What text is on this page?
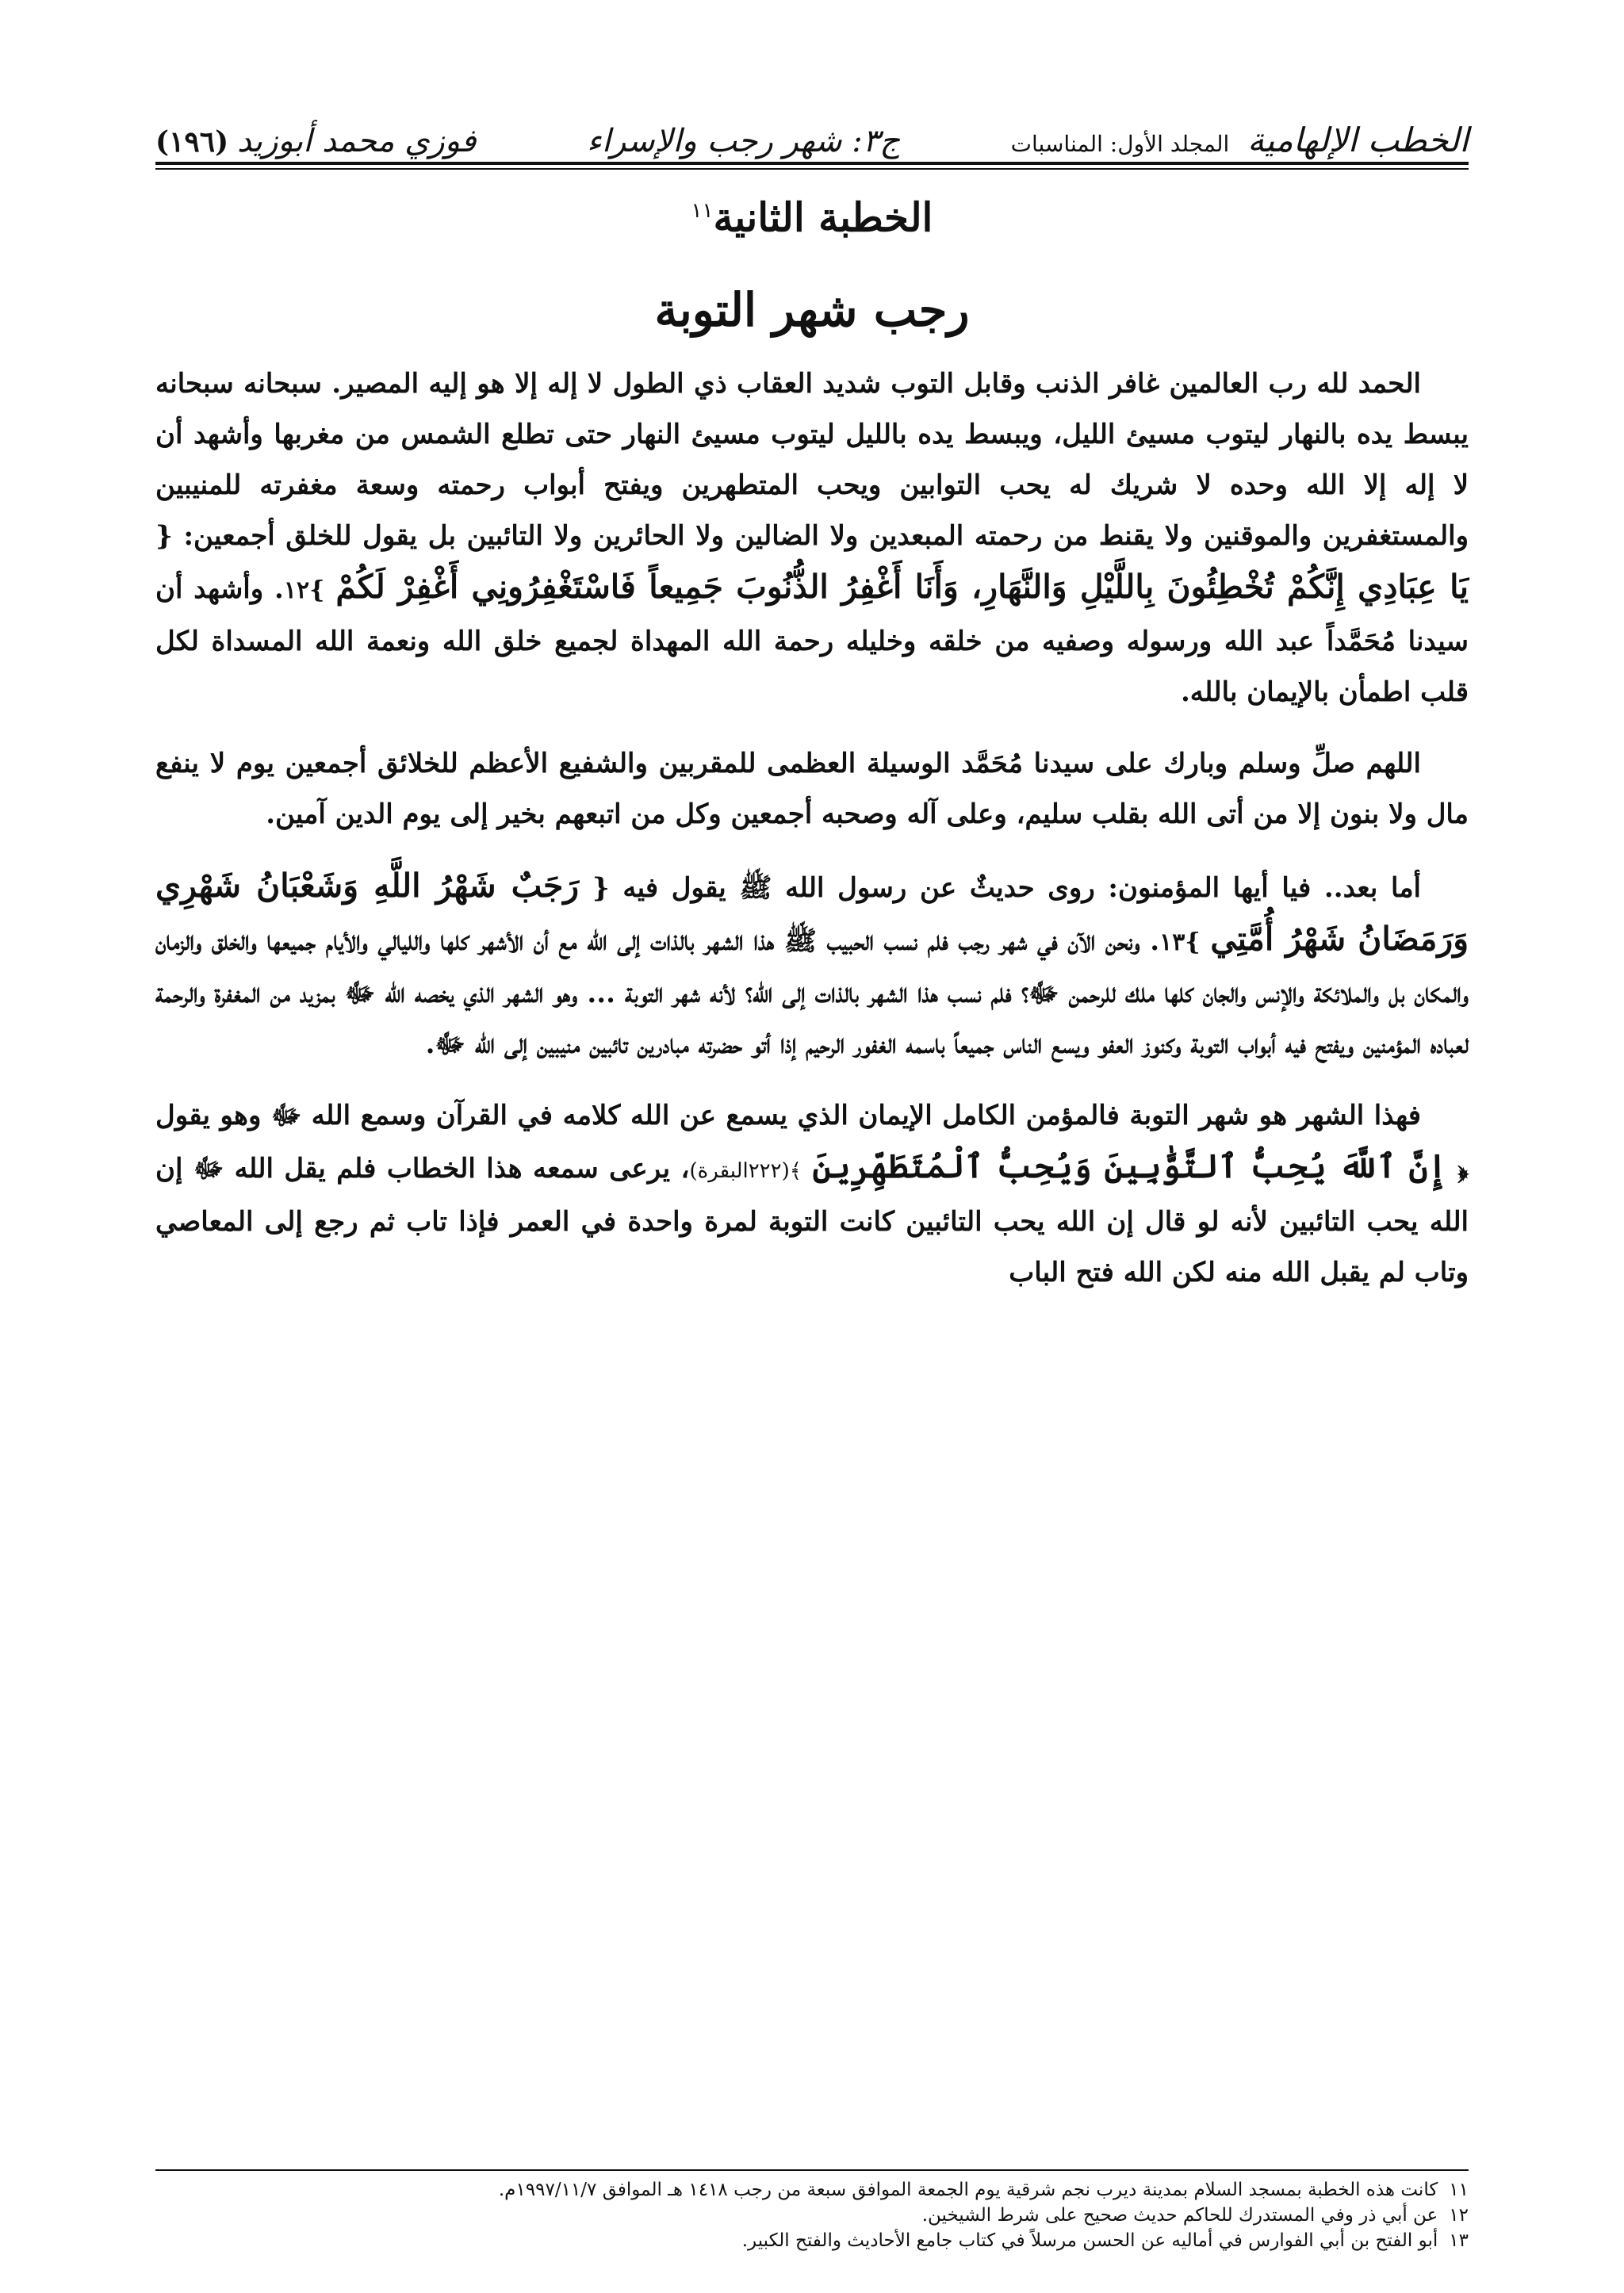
الخطب الإلهامية المجلد الأول: المناسبات
ج٣: شهر رجب والإسراء
فوزي محمد أبوزيد (١٩٦)
الخطبة الثانية$^{١١}$
رجب شهر التوبة

الحمد لله رب العالمين غافر الذنب وقابل التوب شديد العقاب ذي الطول لا إله إلا هو إليه المصير. سبحانه سبحانه يبسط يده بالنهار ليتوب مسيئ الليل، ويبسط يده بالليل ليتوب مسيئ النهار حتى تطلع الشمس من مغربها وأشهد أن لا إله إلا الله وحده لا شريك له يحب التوابين ويحب المتطهرين ويفتح أبواب رحمته وسعة مغفرته للمنيبين والمستغفرين والموقنين ولا يقنط من رحمته المبعدين ولا الضالين ولا الحائرين ولا التائبين بل يقول للخلق أجمعين: { يَا عِبَادِي إِنَّكُمْ تُخْطِئُونَ بِاللَّيْلِ وَالنَّهَارِ، وَأَنَا أَغْفِرُ الذُّنُوبَ جَمِيعاً فَاسْتَغْفِرُونِي أَغْفِرْ لَكُمْ }١٢. وأشهد أن سيدنا مُحَمَّداً عبد الله ورسوله وصفيه من خلقه وخليله رحمة الله المهداة لجميع خلق الله ونعمة الله المسداة لكل قلب اطمأن بالإيمان بالله.

اللهم صلِّ وسلم وبارك على سيدنا مُحَمَّد الوسيلة العظمى للمقربين والشفيع الأعظم للخلائق أجمعين يوم لا ينفع مال ولا بنون إلا من أتى الله بقلب سليم، وعلى آله وصحبه أجمعين وكل من اتبعهم بخير إلى يوم الدين آمين.

أما بعد.. فيا أيها المؤمنون: روى حديثٌ عن رسول الله ﷺ يقول فيه { رَجَبٌ شَهْرُ اللَّهِ وَشَعْبَانُ شَهْرِي وَرَمَضَانُ شَهْرُ أُمَّتِي }١٣. ونحن الآن في شهر رجب فلم نسب الحبيب ﷺ هذا الشهر بالذات إلى الله مع أن الأشهر كلها والليالي والأيام جميعها والخلق والزمان والمكان بل والملائكة والإنس والجان كلها ملك للرحمن ﷻ؟ فلم نسب هذا الشهر بالذات إلى الله؟ لأنه شهر التوبة ... وهو الشهر الذي يخصه الله ﷻ بمزيد من المغفرة والرحمة لعباده المؤمنين ويفتح فيه أبواب التوبة وكنوز العفو ويسع الناس جميعاً باسمه الغفور الرحيم إذا أتو حضرته مبادرين تائبين منيبين إلى الله ﷻ.

فهذا الشهر هو شهر التوبة فالمؤمن الكامل الإيمان الذي يسمع عن الله كلامه في القرآن وسمع الله ﷻ وهو يقول ﴿ إِنَّ ٱللَّهَ يُحِبُّ ٱلتَّوَّٰبِينَ وَيُحِبُّ ٱلْمُتَطَهِّرِينَ ﴾(٢٢٢البقرة)، يرعى سمعه هذا الخطاب فلم يقل الله ﷻ إن الله يحب التائبين لأنه لو قال إن الله يحب التائبين كانت التوبة لمرة واحدة في العمر فإذا تاب ثم رجع إلى المعاصي وتاب لم يقبل الله منه لكن الله فتح الباب

١١كانت هذه الخطبة بمسجد السلام بمدينة ديرب نجم شرقية يوم الجمعة الموافق سبعة من رجب ١٤١٨ هـ الموافق ١٩٩٧/١١/٧م.

١٢عن أبي ذر وفي المستدرك للحاكم حديث صحيح على شرط الشيخين.

١٣أبو الفتح بن أبي الفوارس في أماليه عن الحسن مرسلاً في كتاب جامع الأحاديث والفتح الكبير.
